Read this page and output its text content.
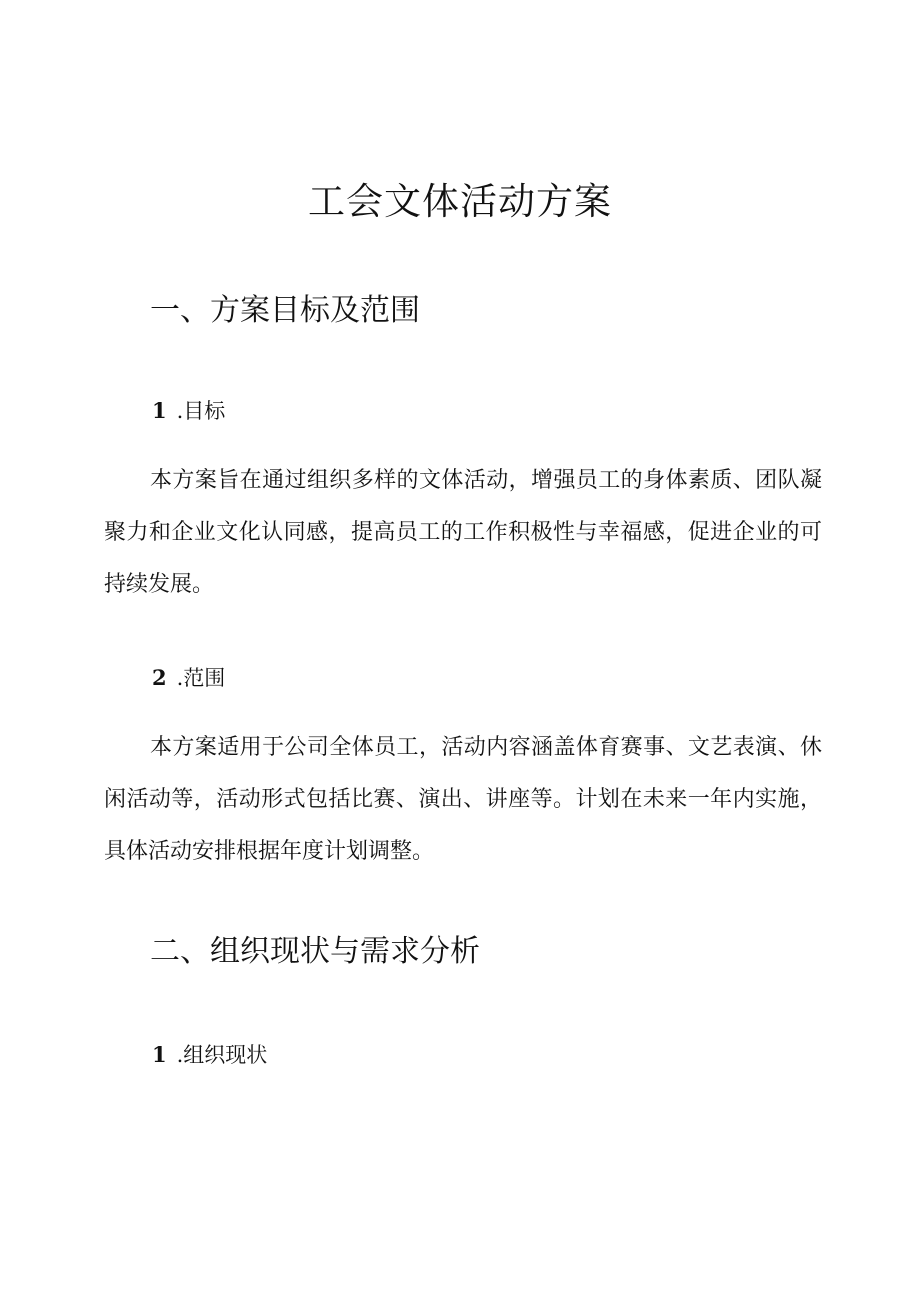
工会文体活动方案
一、方案目标及范围
1 .目标

本方案旨在通过组织多样的文体活动，增强员工的身体素质、团队凝聚力和企业文化认同感，提高员工的工作积极性与幸福感，促进企业的可持续发展。

2 .范围

本方案适用于公司全体员工，活动内容涵盖体育赛事、文艺表演、休闲活动等，活动形式包括比赛、演出、讲座等。计划在未来一年内实施，具体活动安排根据年度计划调整。

二、组织现状与需求分析
1 .组织现状
